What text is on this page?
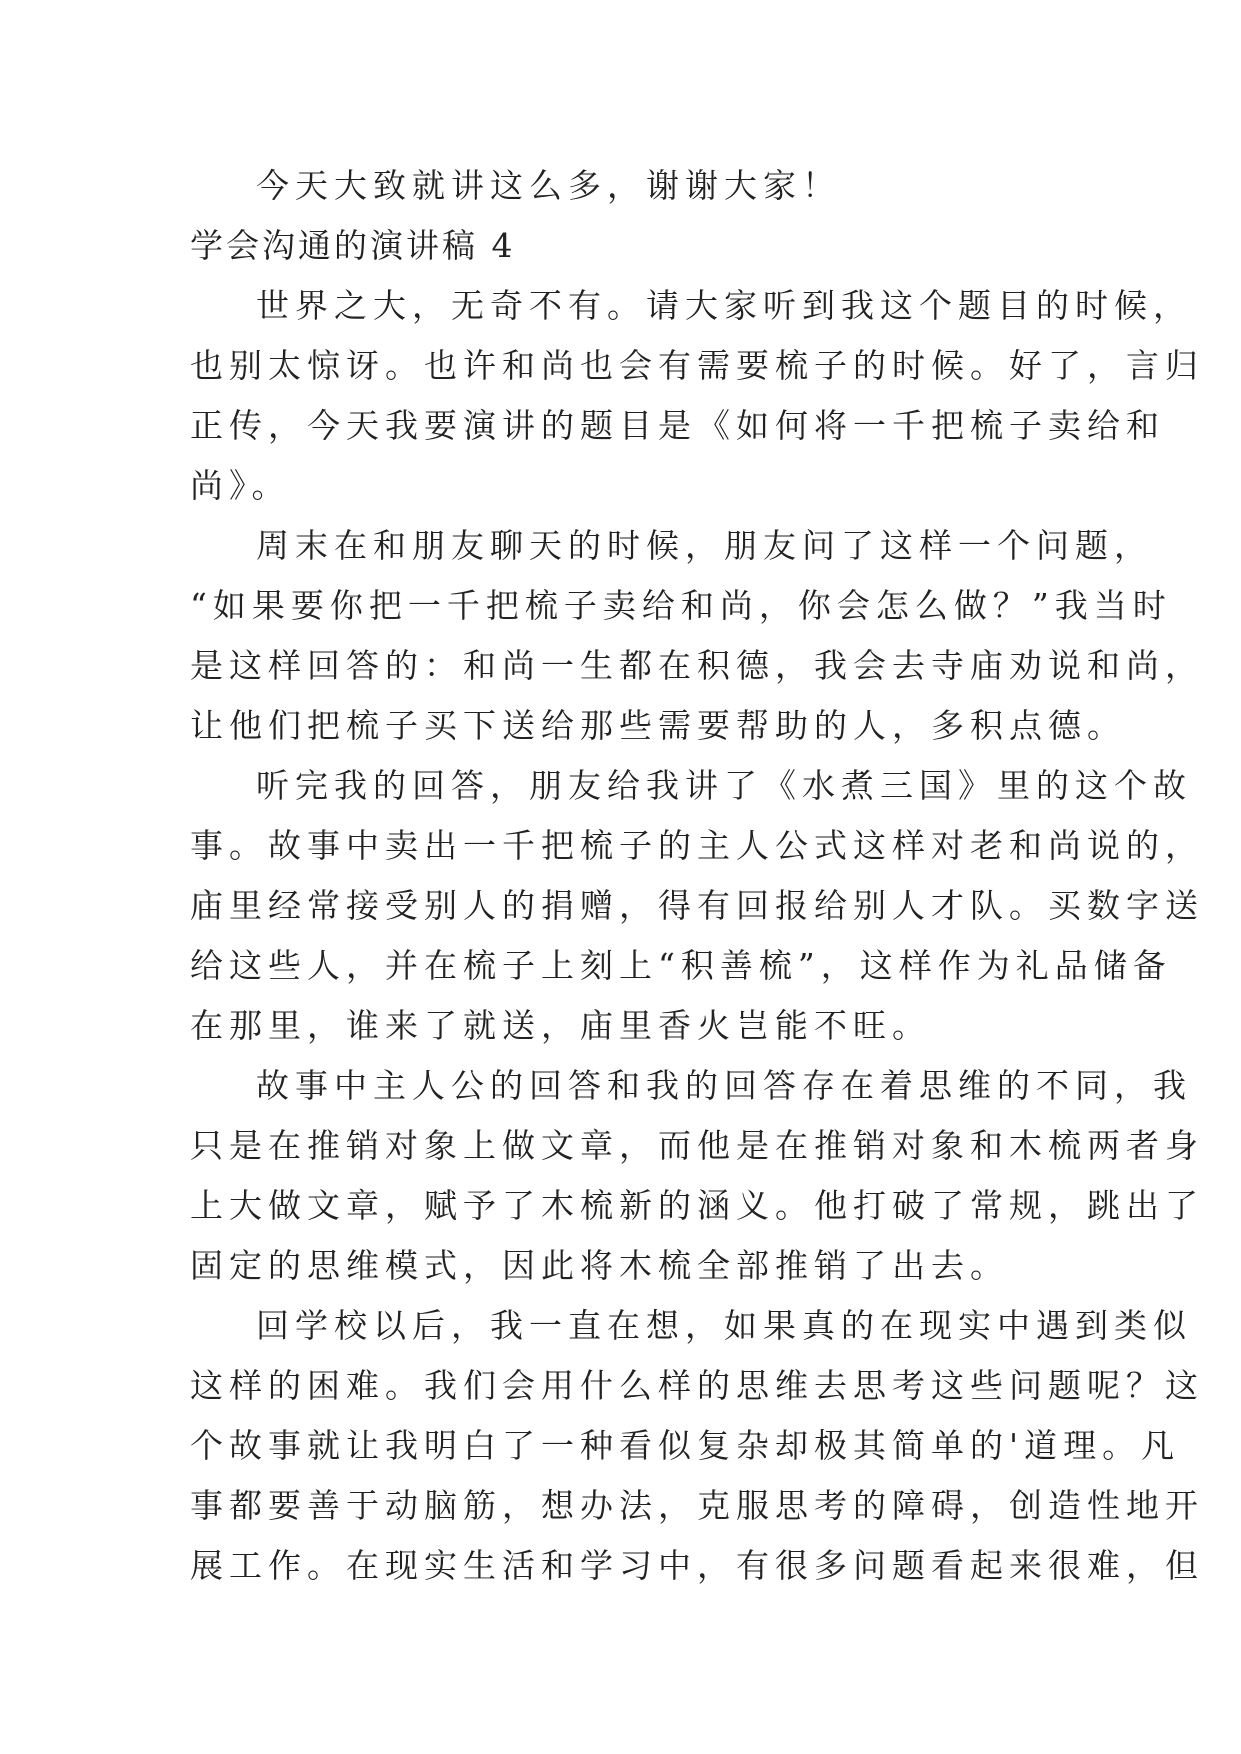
今天大致就讲这么多，谢谢大家！
学会沟通的演讲稿 4
世界之大，无奇不有。请大家听到我这个题目的时候，
也别太惊讶。也许和尚也会有需要梳子的时候。好了，言归
正传，今天我要演讲的题目是《如何将一千把梳子卖给和
尚》。
周末在和朋友聊天的时候，朋友问了这样一个问题，
“如果要你把一千把梳子卖给和尚，你会怎么做？”我当时
是这样回答的：和尚一生都在积德，我会去寺庙劝说和尚，
让他们把梳子买下送给那些需要帮助的人，多积点德。
听完我的回答，朋友给我讲了《水煮三国》里的这个故
事。故事中卖出一千把梳子的主人公式这样对老和尚说的，
庙里经常接受别人的捐赠，得有回报给别人才队。买数字送
给这些人，并在梳子上刻上“积善梳”，这样作为礼品储备
在那里，谁来了就送，庙里香火岂能不旺。
故事中主人公的回答和我的回答存在着思维的不同，我
只是在推销对象上做文章，而他是在推销对象和木梳两者身
上大做文章，赋予了木梳新的涵义。他打破了常规，跳出了
固定的思维模式，因此将木梳全部推销了出去。
回学校以后，我一直在想，如果真的在现实中遇到类似
这样的困难。我们会用什么样的思维去思考这些问题呢？这
个故事就让我明白了一种看似复杂却极其简单的'道理。凡
事都要善于动脑筋，想办法，克服思考的障碍，创造性地开
展工作。在现实生活和学习中，有很多问题看起来很难，但
